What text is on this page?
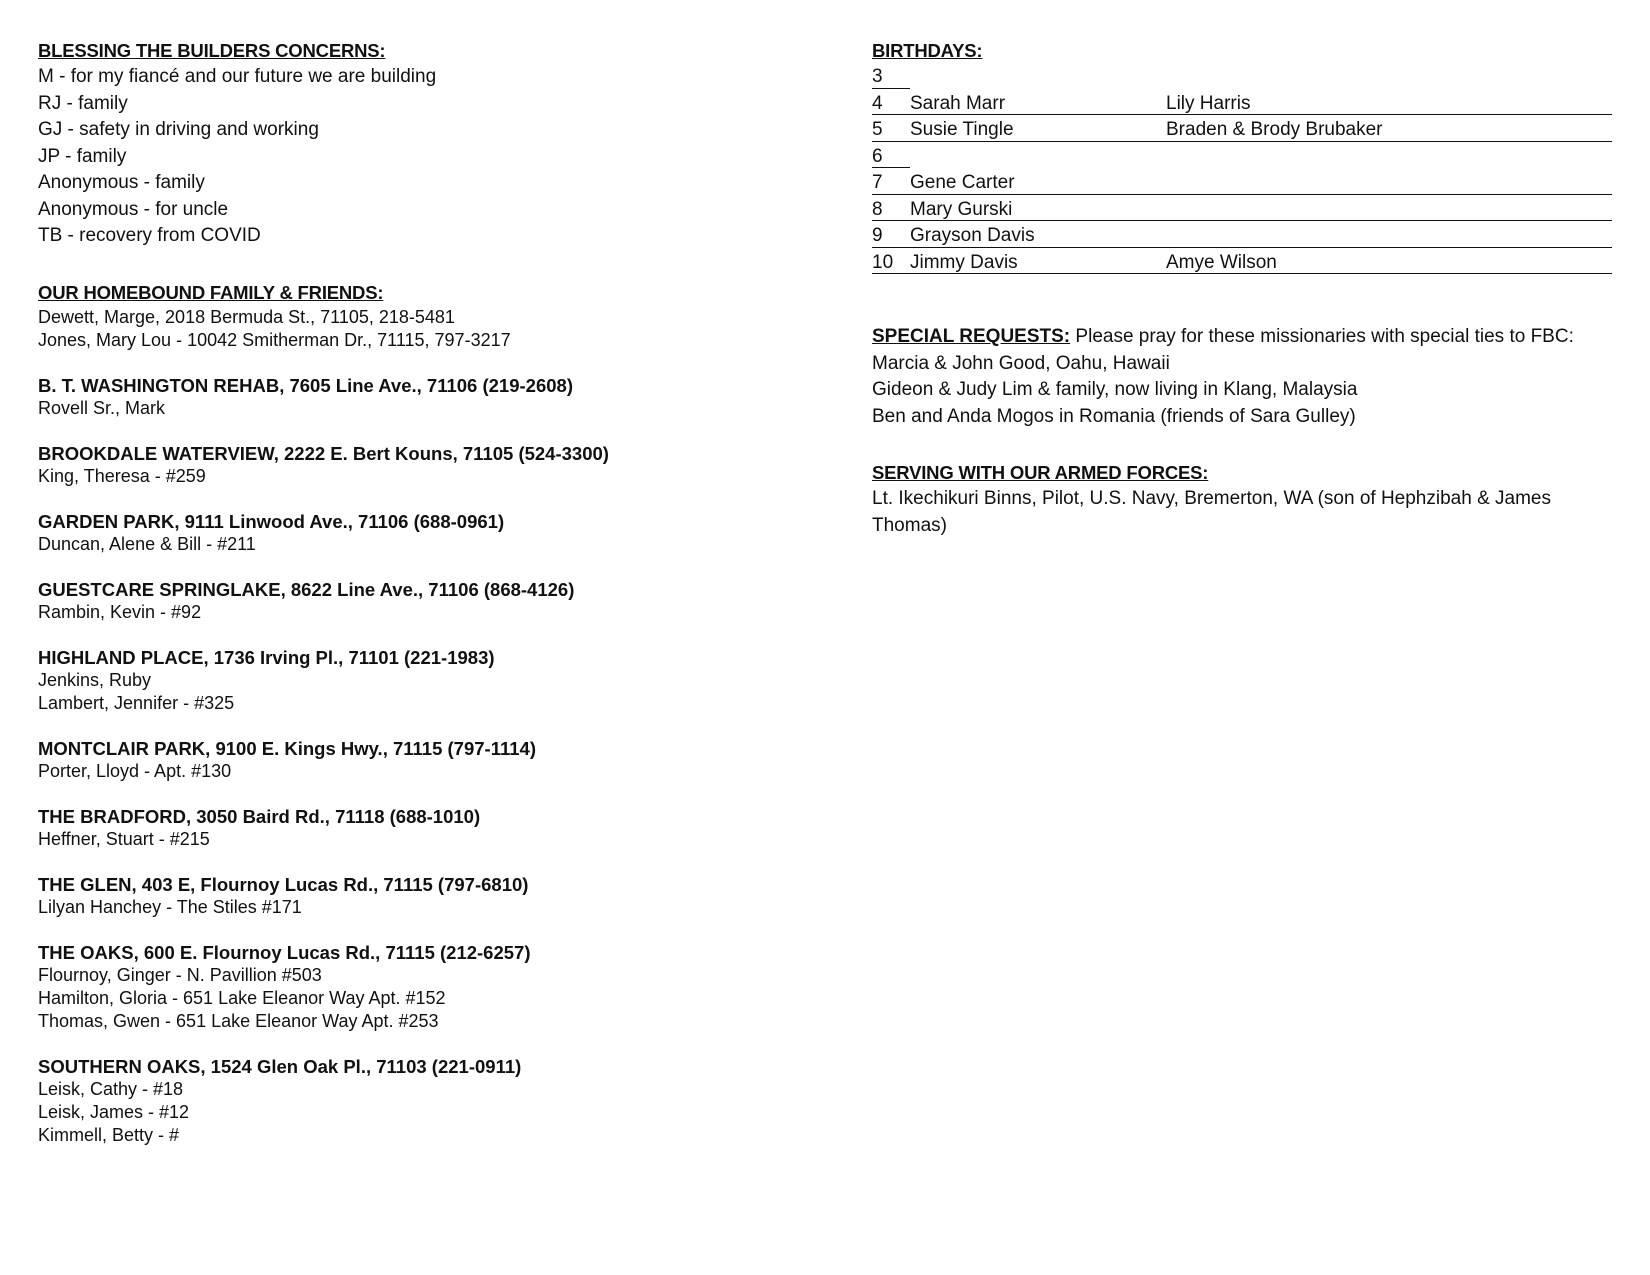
BLESSING THE BUILDERS CONCERNS:
M - for my fiancé and our future we are building
RJ - family
GJ - safety in driving and working
JP - family
Anonymous - family
Anonymous - for uncle
TB - recovery from COVID
OUR HOMEBOUND FAMILY & FRIENDS:
Dewett, Marge, 2018 Bermuda St., 71105, 218-5481
Jones, Mary Lou - 10042 Smitherman Dr., 71115, 797-3217
B. T. WASHINGTON REHAB, 7605 Line Ave., 71106 (219-2608)
Rovell Sr., Mark
BROOKDALE WATERVIEW, 2222 E. Bert Kouns, 71105 (524-3300)
King, Theresa - #259
GARDEN PARK, 9111 Linwood Ave., 71106 (688-0961)
Duncan, Alene & Bill - #211
GUESTCARE SPRINGLAKE, 8622 Line Ave., 71106 (868-4126)
Rambin, Kevin - #92
HIGHLAND PLACE, 1736 Irving Pl., 71101 (221-1983)
Jenkins, Ruby
Lambert, Jennifer - #325
MONTCLAIR PARK, 9100 E. Kings Hwy., 71115 (797-1114)
Porter, Lloyd - Apt. #130
THE BRADFORD, 3050 Baird Rd., 71118 (688-1010)
Heffner, Stuart - #215
THE GLEN, 403 E, Flournoy Lucas Rd., 71115 (797-6810)
Lilyan Hanchey - The Stiles #171
THE OAKS, 600 E. Flournoy Lucas Rd., 71115 (212-6257)
Flournoy, Ginger - N. Pavillion #503
Hamilton, Gloria - 651 Lake Eleanor Way Apt. #152
Thomas, Gwen - 651 Lake Eleanor Way Apt. #253
SOUTHERN OAKS, 1524 Glen Oak Pl., 71103 (221-0911)
Leisk, Cathy - #18
Leisk, James - #12
Kimmell, Betty - #
BIRTHDAYS:
3
4 Sarah Marr	Lily Harris
5 Susie Tingle	Braden & Brody Brubaker
6
7 Gene Carter
8 Mary Gurski
9 Grayson Davis
10 Jimmy Davis	Amye Wilson
SPECIAL REQUESTS: Please pray for these missionaries with special ties to FBC:
Marcia & John Good, Oahu, Hawaii
Gideon & Judy Lim & family, now living in Klang, Malaysia
Ben and Anda Mogos in Romania (friends of Sara Gulley)
SERVING WITH OUR ARMED FORCES:
Lt. Ikechikuri Binns, Pilot, U.S. Navy, Bremerton, WA (son of Hephzibah & James Thomas)
